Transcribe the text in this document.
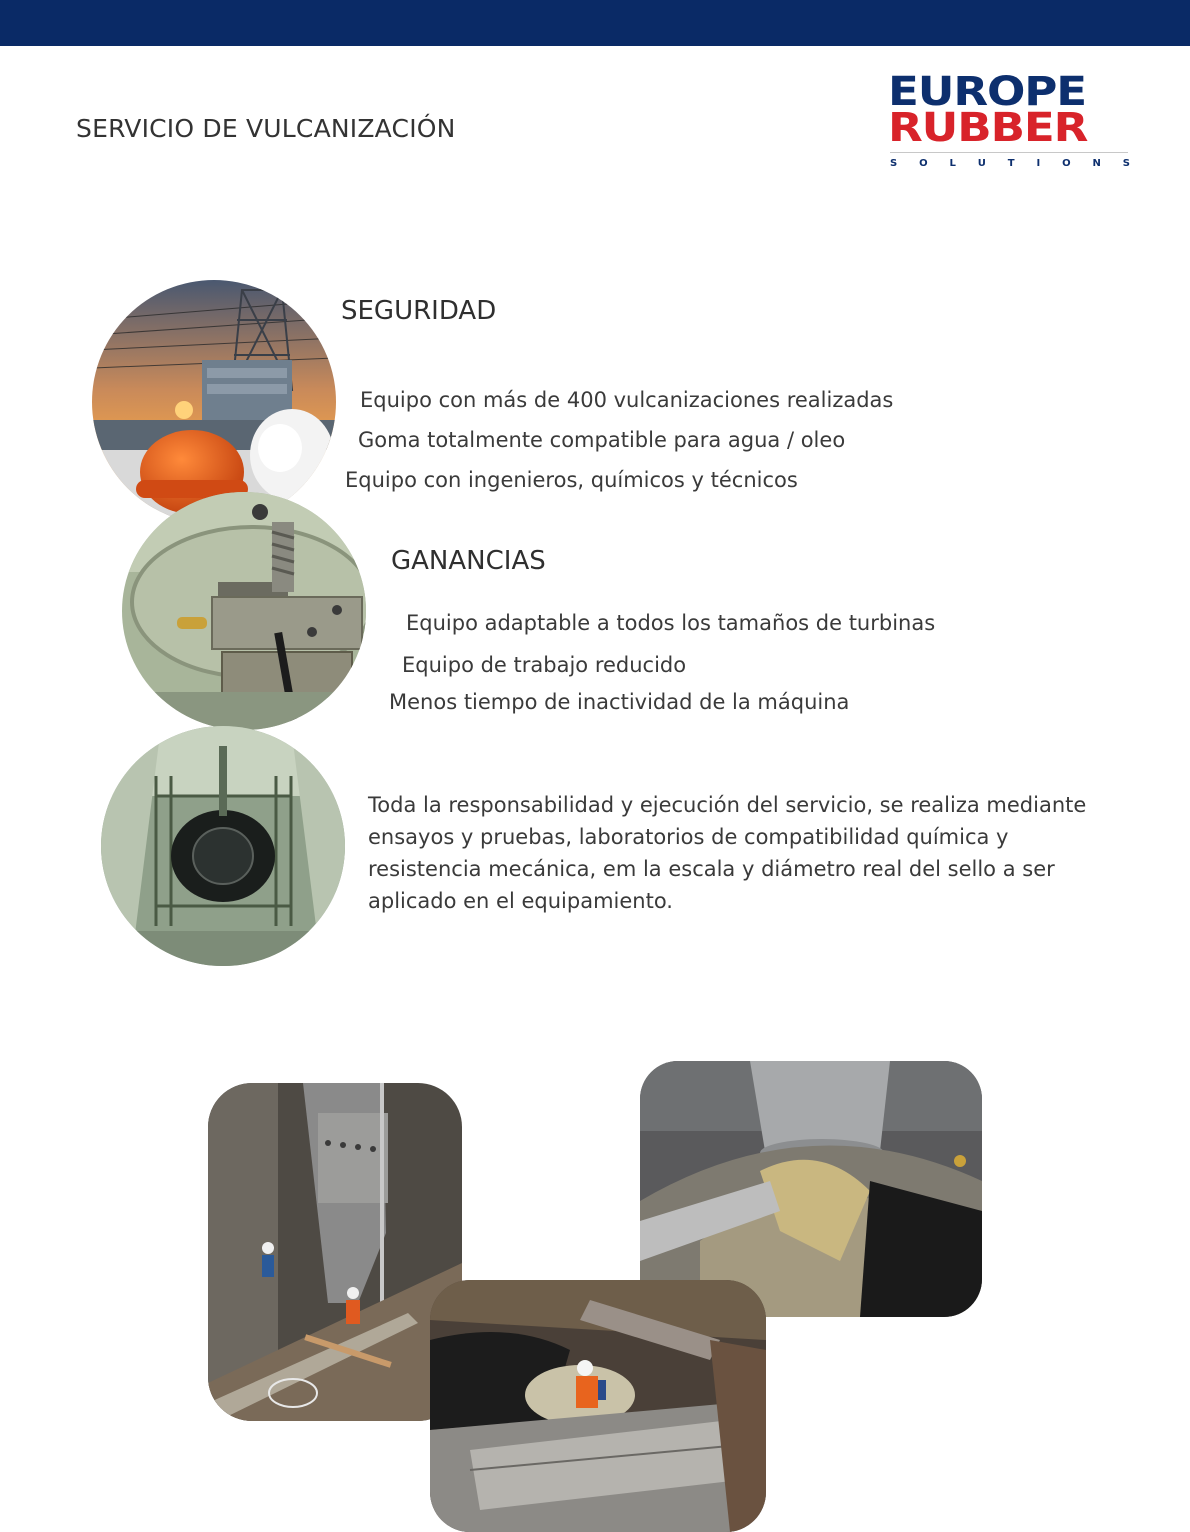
SERVICIO DE VULCANIZACIÓN
EUROPE
RUBBER
S O L U T I O N S
SEGURIDAD
Equipo con más de 400 vulcanizaciones realizadas
Goma totalmente compatible para agua / oleo
Equipo con ingenieros, químicos y técnicos
GANANCIAS
Equipo adaptable a todos los tamaños de turbinas
Equipo de trabajo reducido
Menos tiempo de inactividad de la máquina
Toda la responsabilidad y ejecución del servicio, se realiza mediante ensayos y pruebas, laboratorios de compatibilidad química y resistencia mecánica, em la escala y diámetro real del sello a ser aplicado en el equipamiento.
